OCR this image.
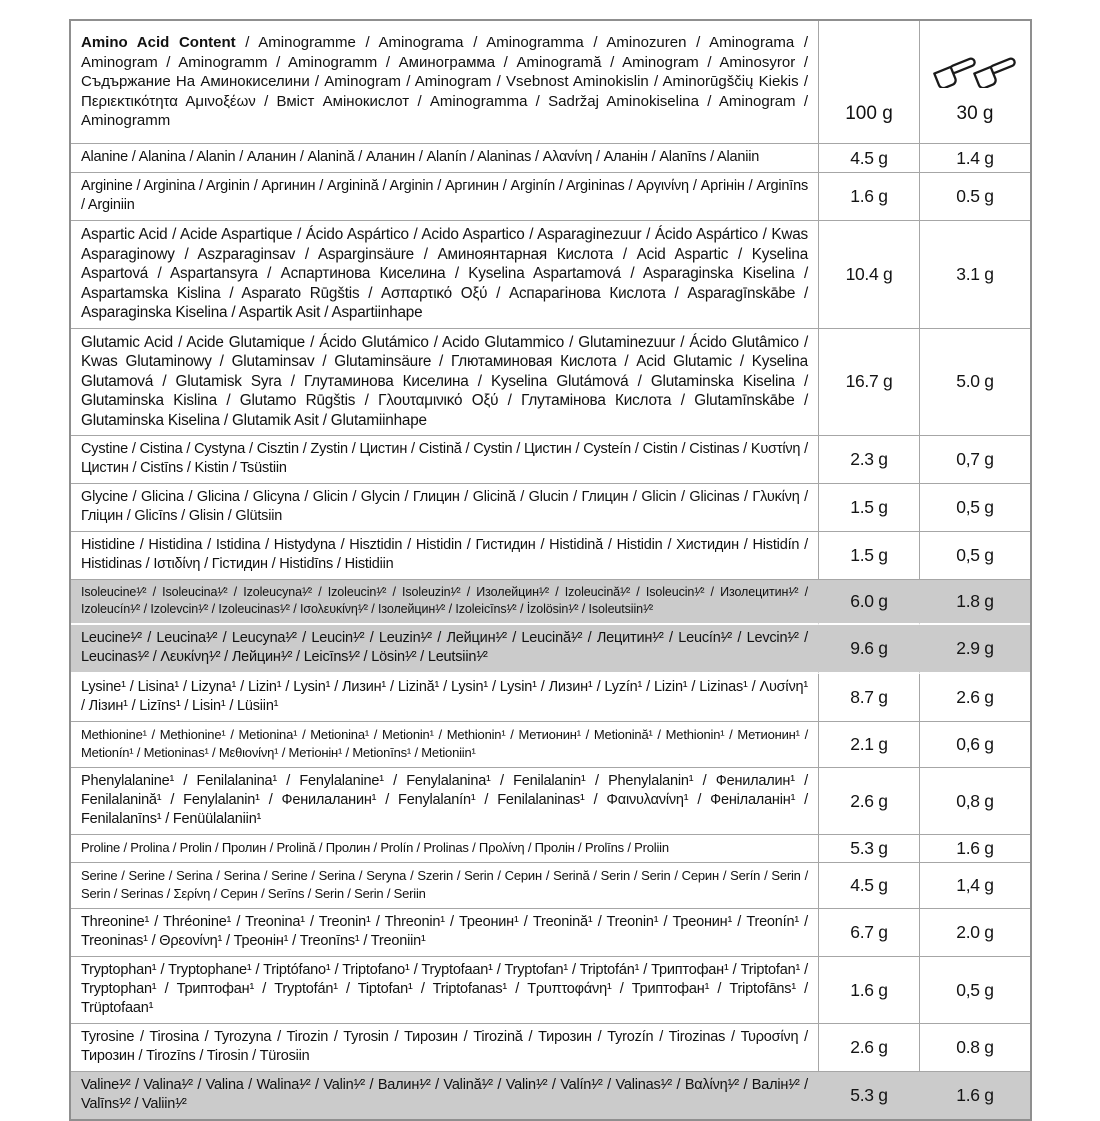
Amino Acid Content / Aminogramme / Aminograma / Aminogramma / Aminozuren / Aminograma / Aminogram / Aminogramm / Aminogramm / Аминограмма / Aminogramă / Aminogram / Aminosyror / Съдържание На Аминокиселини / Aminogram / Aminogram / Vsebnost Aminokislin / Aminorūgščių Kiekis / Περιεκτικότητα Αμινοξέων / Вміст Амінокислот / Aminogramma / Sadržaj Aminokiselina / Aminogram / Aminogramm	100 g	30 g

Alanine / Alanina / Alanin / Аланин / Alanină / Аланин / Alanín / Alaninas / Αλανίνη / Аланін / Alanīns / Alaniin	4.5 g	1.4 g
Arginine / Arginina / Arginin / Аргинин / Arginină / Arginin / Аргинин / Arginín / Argininas / Αργινίνη / Аргінін / Arginīns / Arginiin	1.6 g	0.5 g
Aspartic Acid / Acide Aspartique / Ácido Aspártico / Acido Aspartico / Asparaginezuur / Ácido Aspártico / Kwas Asparaginowy / Aszparaginsav / Asparginsäure / Аминоянтарная Кислота / Acid Aspartic / Kyselina Aspartová / Aspartansyra / Аспартинова Киселина / Kyselina Aspartamová / Asparaginska Kiselina / Aspartamska Kislina / Asparato Rūgštis / Ασπαρτικό Οξύ / Аспарагінова Кислота / Asparagīnskābe / Asparaginska Kiselina / Aspartik Asit / Aspartiinhape	10.4 g	3.1 g
Glutamic Acid / Acide Glutamique / Ácido Glutámico / Acido Glutammico / Glutaminezuur / Ácido Glutâmico / Kwas Glutaminowy / Glutaminsav / Glutaminsäure / Глютаминовая Кислота / Acid Glutamic / Kyselina Glutamová / Glutamisk Syra / Глутаминова Киселина / Kyselina Glutámová / Glutaminska Kiselina / Glutaminska Kislina / Glutamo Rūgštis / Γλουταμινικό Οξύ / Глутамінова Кислота / Glutamīnskābe / Glutaminska Kiselina / Glutamik Asit / Glutamiinhape	16.7 g	5.0 g
Cystine / Cistina / Cystyna / Cisztin / Zystin / Цистин / Cistină / Cystin / Цистин / Cysteín / Cistin / Cistinas / Κυστίνη / Цистин / Cistīns / Kistin / Tsüstiin	2.3 g	0,7 g
Glycine / Glicina / Glicina / Glicyna / Glicin / Glycin / Глицин / Glicină / Glucin / Глицин / Glicin / Glicinas / Γλυκίνη / Гліцин / Glicīns / Glisin / Glütsiin	1.5 g	0,5 g
Histidine / Histidina / Istidina / Histydyna / Hisztidin / Histidin / Гистидин / Histidină / Histidin / Хистидин / Histidín / Histidinas / Ιστιδίνη / Гістидин / Histidīns / Histidiin	1.5 g	0,5 g
Isoleucine¹⁄² / Isoleucina¹⁄² / Izoleucyna¹⁄² / Izoleucin¹⁄² / Isoleuzin¹⁄² / Изолейцин¹⁄² / Izoleucină¹⁄² / Isoleucin¹⁄² / Изолецитин¹⁄² / Izoleucín¹⁄² / Izolevcin¹⁄² / Izoleucinas¹⁄² / Ισολευκίνη¹⁄² / Ізолейцин¹⁄² / Izoleicīns¹⁄² / İzolösin¹⁄² / Isoleutsiin¹⁄²	6.0 g	1.8 g
Leucine¹⁄² / Leucina¹⁄² / Leucyna¹⁄² / Leucin¹⁄² / Leuzin¹⁄² / Лейцин¹⁄² / Leucină¹⁄² / Лецитин¹⁄² / Leucín¹⁄² / Levcin¹⁄² / Leucinas¹⁄² / Λευκίνη¹⁄² / Лейцин¹⁄² / Leicīns¹⁄² / Lösin¹⁄² / Leutsiin¹⁄²	9.6 g	2.9 g
Lysine¹ / Lisina¹ / Lizyna¹ / Lizin¹ / Lysin¹ / Лизин¹ / Lizină¹ / Lysin¹ / Lysin¹ / Лизин¹ / Lyzín¹ / Lizin¹ / Lizinas¹ / Λυσίνη¹ / Лізин¹ / Lizīns¹ / Lisin¹ / Lüsiin¹	8.7 g	2.6 g
Methionine¹ / Methionine¹ / Metionina¹ / Metionina¹ / Metionin¹ / Methionin¹ / Метионин¹ / Metionină¹ / Methionin¹ / Метионин¹ / Metionín¹ / Metioninas¹ / Μεθιονίνη¹ / Метіонін¹ / Metionīns¹ / Metioniin¹	2.1 g	0,6 g
Phenylalanine¹ / Fenilalanina¹ / Fenylalanine¹ / Fenylalanina¹ / Fenilalanin¹ / Phenylalanin¹ / Фенилалин¹ / Fenilalanină¹ / Fenylalanin¹ / Фенилаланин¹ / Fenylalanín¹ / Fenilalaninas¹ / Φαινυλανίνη¹ / Фенілаланін¹ / Fenilalanīns¹ / Fenüülalaniin¹	2.6 g	0,8 g
Proline / Prolina / Prolin / Пролин / Prolină / Пролин / Prolín / Prolinas / Προλίνη / Пролін / Prolīns / Proliin	5.3 g	1.6 g
Serine / Serine / Serina / Serina / Serine / Serina / Seryna / Szerin / Serin / Серин / Serină / Serin / Serin / Серин / Serín / Serin / Serin / Serinas / Σερίνη / Серин / Serīns / Serin / Serin / Seriin	4.5 g	1,4 g
Threonine¹ / Thréonine¹ / Treonina¹ / Treonin¹ / Threonin¹ / Треонин¹ / Treonină¹ / Treonin¹ / Треонин¹ / Treonín¹ / Treoninas¹ / Θρεονίνη¹ / Треонін¹ / Treonīns¹ / Treoniin¹	6.7 g	2.0 g
Tryptophan¹ / Tryptophane¹ / Triptófano¹ / Triptofano¹ / Tryptofaan¹ / Tryptofan¹ / Triptofán¹ / Триптофан¹ / Triptofan¹ / Tryptophan¹ / Триптофан¹ / Tryptofán¹ / Tiptofan¹ / Triptofanas¹ / Τρυπτοφάνη¹ / Триптофан¹ / Triptofāns¹ / Trüptofaan¹	1.6 g	0,5 g
Tyrosine / Tirosina / Tyrozyna / Tirozin / Tyrosin / Тирозин / Tirozină / Тирозин / Tyrozín / Tirozinas / Τυροσίνη / Тирозин / Tirozīns / Tirosin / Türosiin	2.6 g	0.8 g
Valine¹⁄² / Valina¹⁄² / Valina / Walina¹⁄² / Valin¹⁄² / Валин¹⁄² / Valină¹⁄² / Valin¹⁄² / Valín¹⁄² / Valinas¹⁄² / Βαλίνη¹⁄² / Валін¹⁄² / Valīns¹⁄² / Valiin¹⁄²	5.3 g	1.6 g
